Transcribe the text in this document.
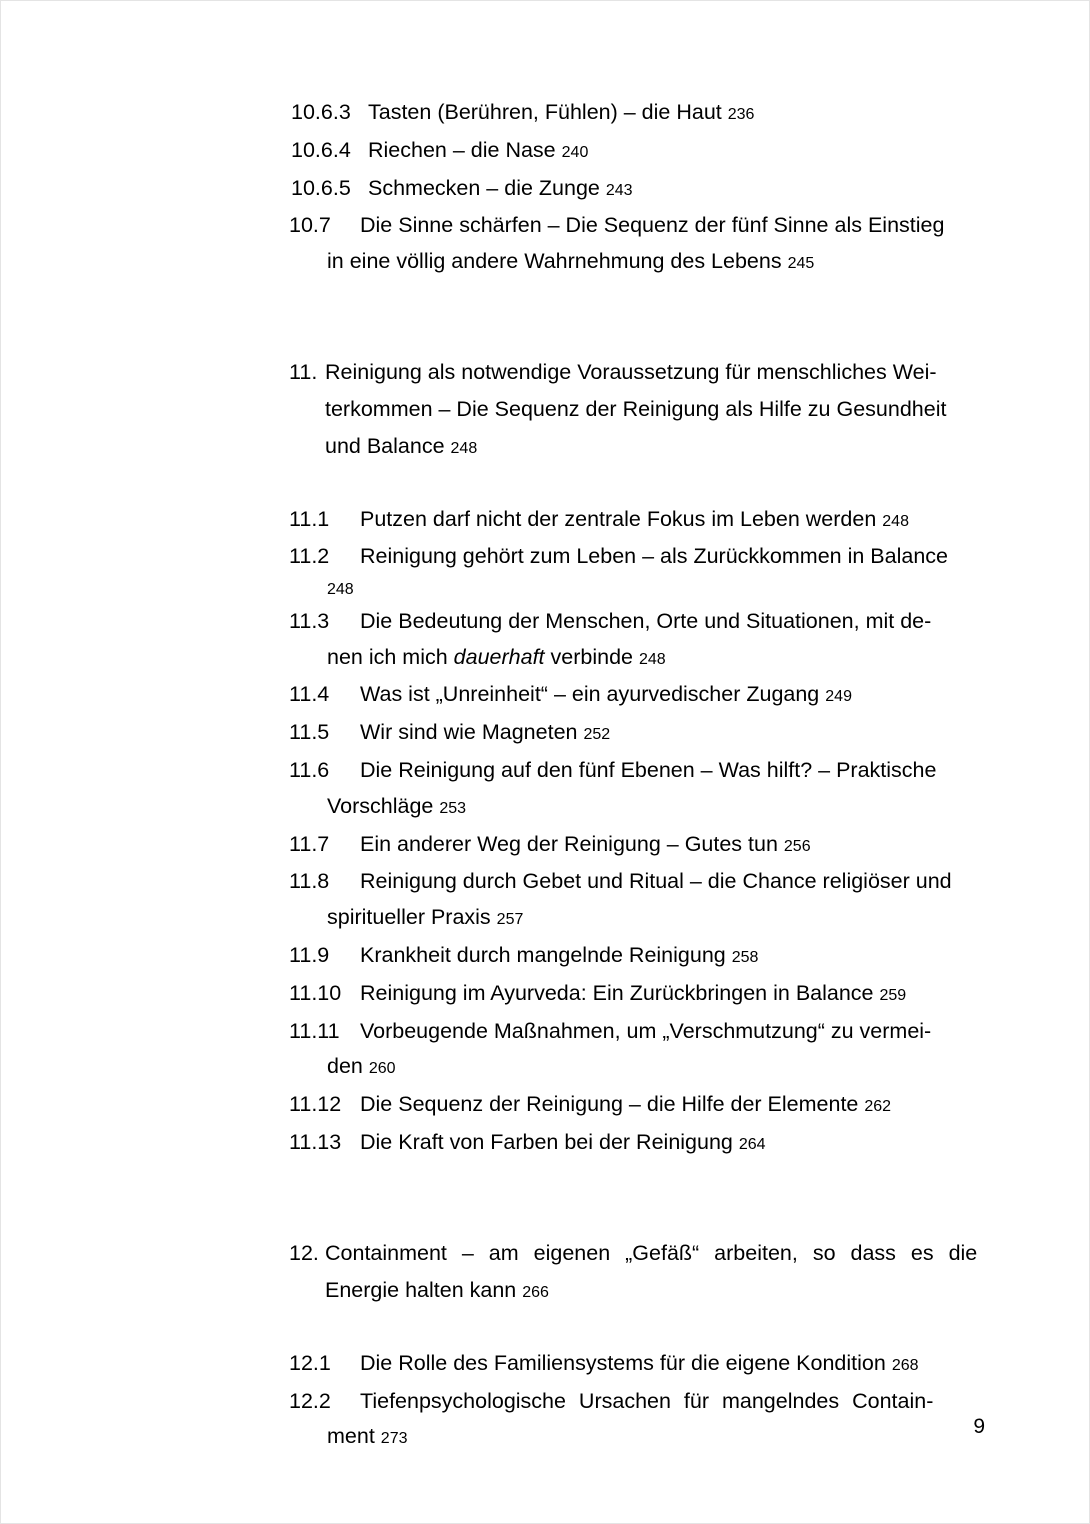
10.6.3 Tasten (Berühren, Fühlen) – die Haut 236

10.6.4 Riechen – die Nase 240

10.6.5 Schmecken – die Zunge 243

10.7 Die Sinne schärfen – Die Sequenz der fünf Sinne als Einstieg
in eine völlig andere Wahrnehmung des Lebens 245

11. Reinigung als notwendige Voraussetzung für menschliches Wei-
terkommen – Die Sequenz der Reinigung als Hilfe zu Gesundheit
und Balance 248

11.1 Putzen darf nicht der zentrale Fokus im Leben werden 248

11.2 Reinigung gehört zum Leben – als Zurückkommen in Balance
248

11.3 Die Bedeutung der Menschen, Orte und Situationen, mit de-
nen ich mich dauerhaft verbinde 248

11.4 Was ist „Unreinheit“ – ein ayurvedischer Zugang 249

11.5 Wir sind wie Magneten 252

11.6 Die Reinigung auf den fünf Ebenen – Was hilft? – Praktische
Vorschläge 253

11.7 Ein anderer Weg der Reinigung – Gutes tun 256

11.8 Reinigung durch Gebet und Ritual – die Chance religiöser und
spiritueller Praxis 257

11.9 Krankheit durch mangelnde Reinigung 258

11.10 Reinigung im Ayurveda: Ein Zurückbringen in Balance 259

11.11 Vorbeugende Maßnahmen, um „Verschmutzung“ zu vermei-
den 260

11.12 Die Sequenz der Reinigung – die Hilfe der Elemente 262

11.13 Die Kraft von Farben bei der Reinigung 264

12. Containment – am eigenen „Gefäß“ arbeiten, so dass es die
Energie halten kann 266

12.1 Die Rolle des Familiensystems für die eigene Kondition 268

12.2 Tiefenpsychologische Ursachen für mangelndes Contain-
ment 273

9
